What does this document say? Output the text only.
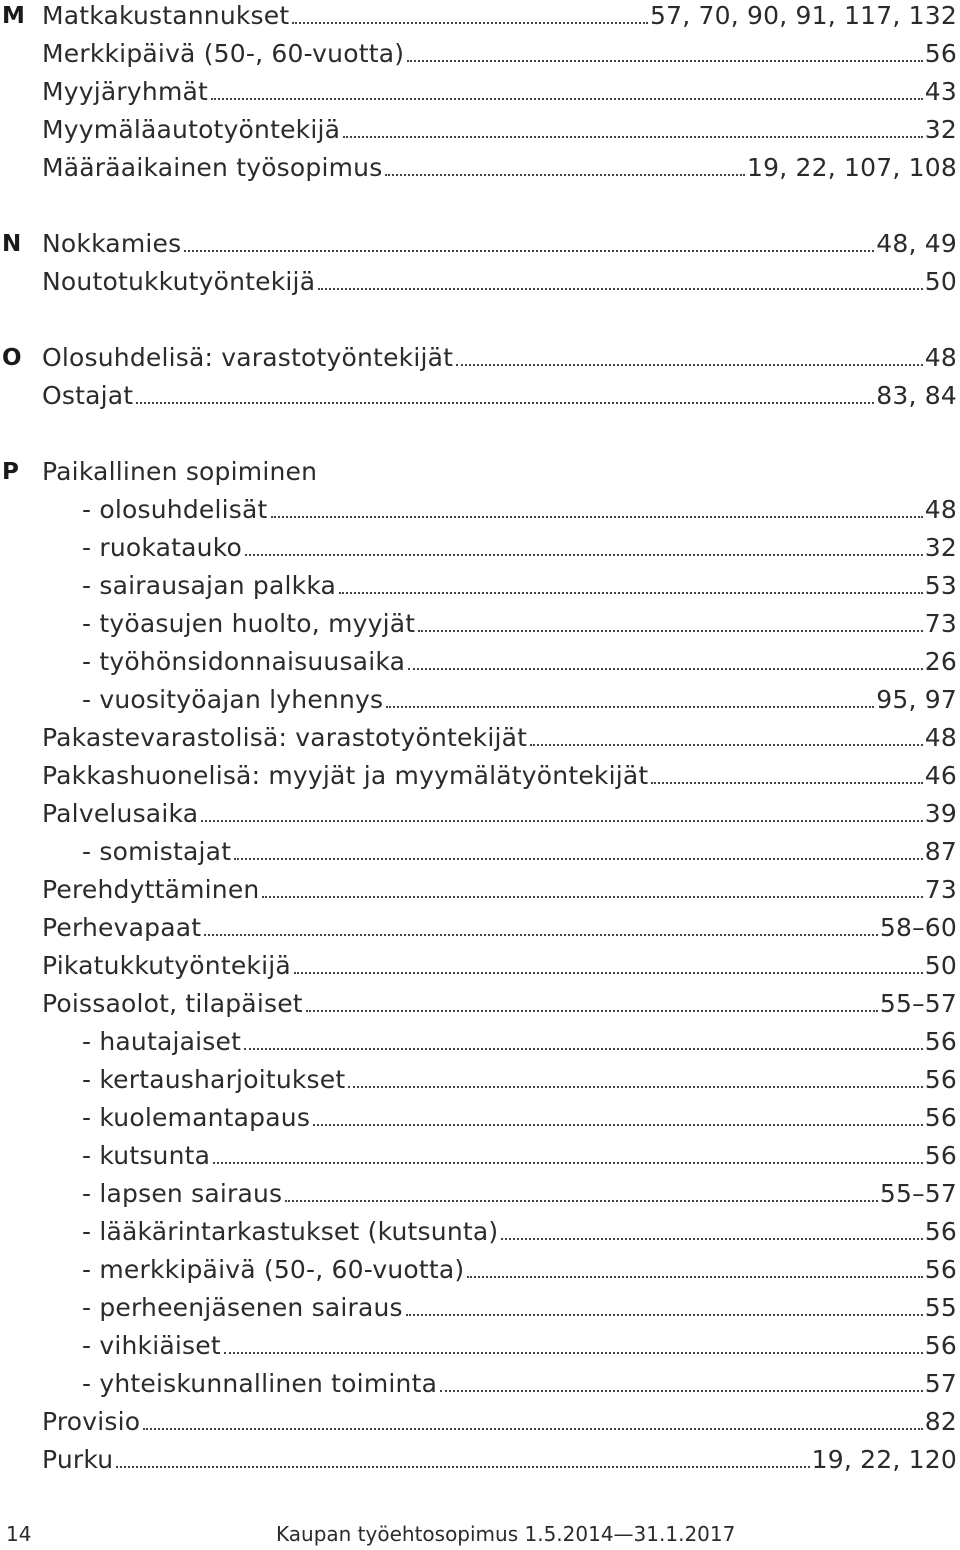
M Matkakustannukset	57, 70, 90, 91, 117, 132
Merkkipäivä (50-, 60-vuotta)	56
Myyjäryhmät	43
Myymäläautotyöntekijä	32
Määräaikainen työsopimus	19, 22, 107, 108
N Nokkamies	48, 49
Noutotukkutyöntekijä	50
O Olosuhdelisä: varastotyöntekijät	48
Ostajat	83, 84
P Paikallinen sopiminen
- olosuhdelisät	48
- ruokatauko	32
- sairausajan palkka	53
- työasujen huolto, myyjät	73
- työhönsidonnaisuusaika	26
- vuosityöajan lyhennys	95, 97
Pakastevarastolisä: varastotyöntekijät	48
Pakkashuonelisä: myyjät ja myymälätyöntekijät	46
Palvelusaika	39
- somistajat	87
Perehdyttäminen	73
Perhevapaat	58–60
Pikatukkutyöntekijä	50
Poissaolot, tilapäiset	55–57
- hautajaiset	56
- kertausharjoitukset	56
- kuolemantapaus	56
- kutsunta	56
- lapsen sairaus	55–57
- lääkärintarkastukset (kutsunta)	56
- merkkipäivä (50-, 60-vuotta)	56
- perheenjäsenen sairaus	55
- vihkiäiset	56
- yhteiskunnallinen toiminta	57
Provisio	82
Purku	19, 22, 120
14	Kaupan työehtosopimus 1.5.2014—31.1.2017
